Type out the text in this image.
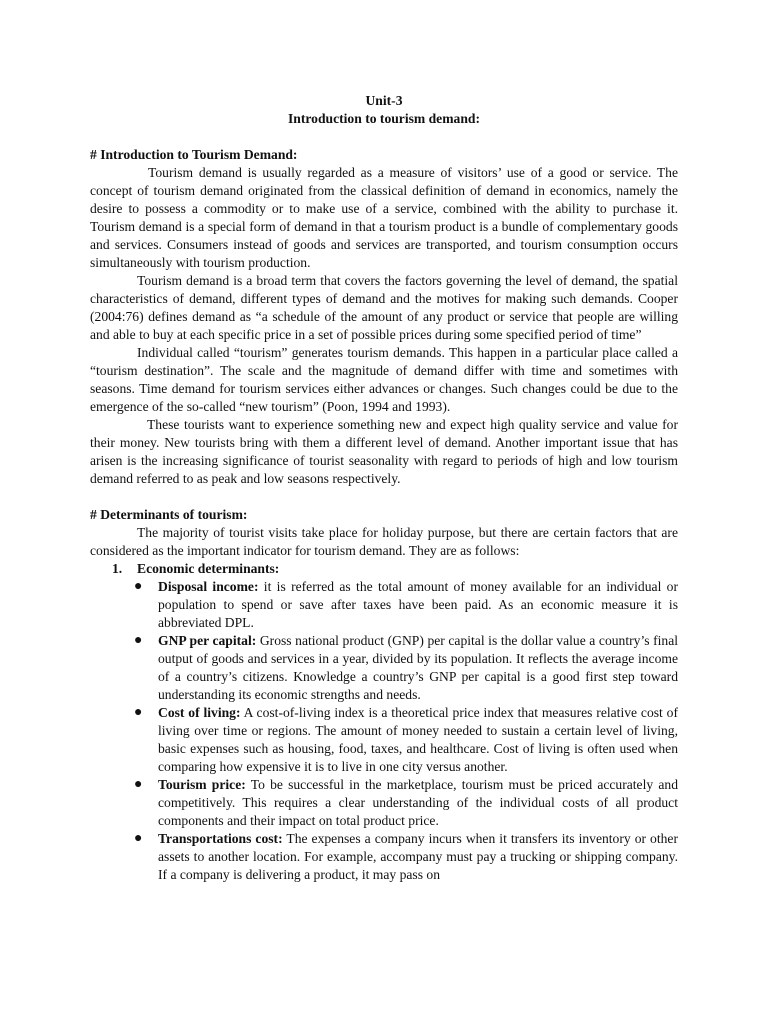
Unit-3
Introduction to tourism demand:
# Introduction to Tourism Demand:

Tourism demand is usually regarded as a measure of visitors’ use of a good or service. The concept of tourism demand originated from the classical definition of demand in economics, namely the desire to possess a commodity or to make use of a service, combined with the ability to purchase it. Tourism demand is a special form of demand in that a tourism product is a bundle of complementary goods and services. Consumers instead of goods and services are transported, and tourism consumption occurs simultaneously with tourism production.

Tourism demand is a broad term that covers the factors governing the level of demand, the spatial characteristics of demand, different types of demand and the motives for making such demands. Cooper (2004:76) defines demand as “a schedule of the amount of any product or service that people are willing and able to buy at each specific price in a set of possible prices during some specified period of time”

Individual called “tourism” generates tourism demands. This happen in a particular place called a “tourism destination”. The scale and the magnitude of demand differ with time and sometimes with seasons. Time demand for tourism services either advances or changes. Such changes could be due to the emergence of the so-called “new tourism” (Poon, 1994 and 1993).

These tourists want to experience something new and expect high quality service and value for their money. New tourists bring with them a different level of demand. Another important issue that has arisen is the increasing significance of tourist seasonality with regard to periods of high and low tourism demand referred to as peak and low seasons respectively.

# Determinants of tourism:

The majority of tourist visits take place for holiday purpose, but there are certain factors that are considered as the important indicator for tourism demand. They are as follows:

1. Economic determinants:
● Disposal income: it is referred as the total amount of money available for an individual or population to spend or save after taxes have been paid. As an economic measure it is abbreviated DPL.
● GNP per capital: Gross national product (GNP) per capital is the dollar value a country’s final output of goods and services in a year, divided by its population. It reflects the average income of a country’s citizens. Knowledge a country’s GNP per capital is a good first step toward understanding its economic strengths and needs.
● Cost of living: A cost-of-living index is a theoretical price index that measures relative cost of living over time or regions. The amount of money needed to sustain a certain level of living, basic expenses such as housing, food, taxes, and healthcare. Cost of living is often used when comparing how expensive it is to live in one city versus another.
● Tourism price: To be successful in the marketplace, tourism must be priced accurately and competitively. This requires a clear understanding of the individual costs of all product components and their impact on total product price.
● Transportations cost: The expenses a company incurs when it transfers its inventory or other assets to another location. For example, accompany must pay a trucking or shipping company. If a company is delivering a product, it may pass on
